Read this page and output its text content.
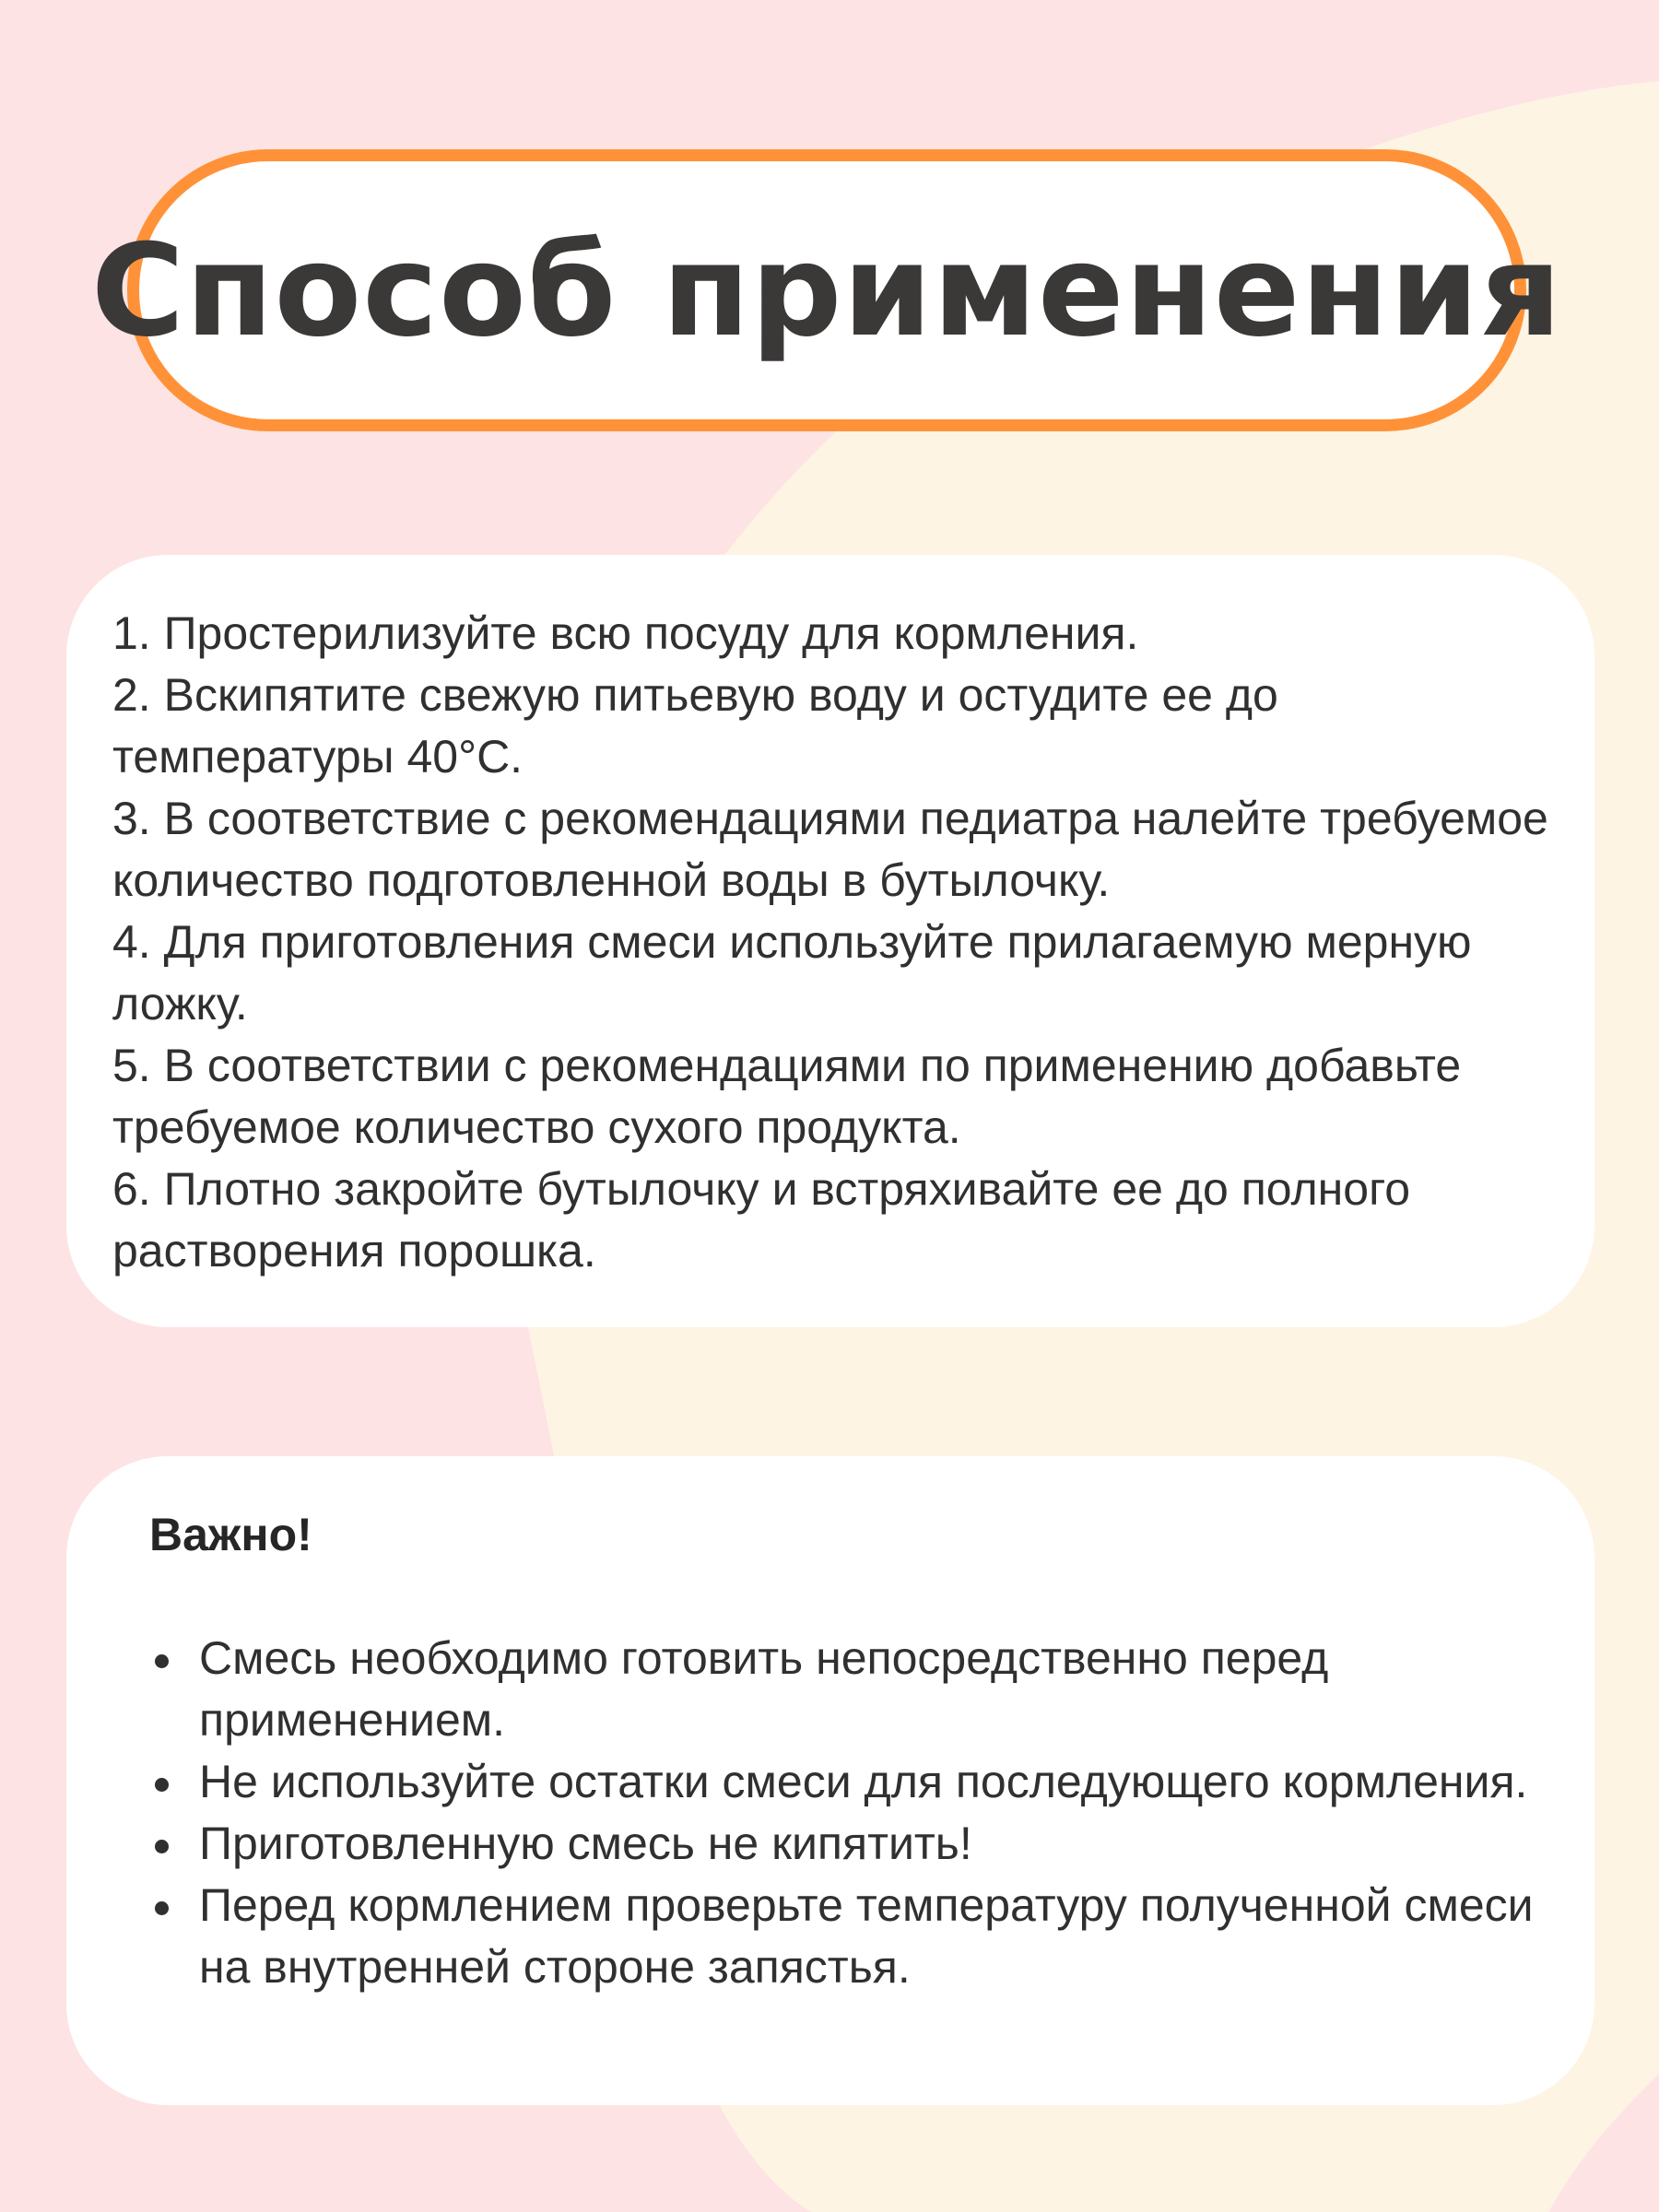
Способ применения

1. Простерилизуйте всю посуду для кормления.

2. Вскипятите свежую питьевую воду и остудите ее до температуры 40°С.

3. В соответствие с рекомендациями педиатра налейте требуемое количество подготовленной воды в бутылочку.

4. Для приготовления смеси используйте прилагаемую мерную ложку.

5. В соответствии с рекомендациями по применению добавьте требуемое количество сухого продукта.

6. Плотно закройте бутылочку и встряхивайте ее до полного растворения порошка.

Важно!

Смесь необходимо готовить непосредственно перед применением.
Не используйте остатки смеси для последующего кормления.
Приготовленную смесь не кипятить!
Перед кормлением проверьте температуру полученной смеси на внутренней стороне запястья.
